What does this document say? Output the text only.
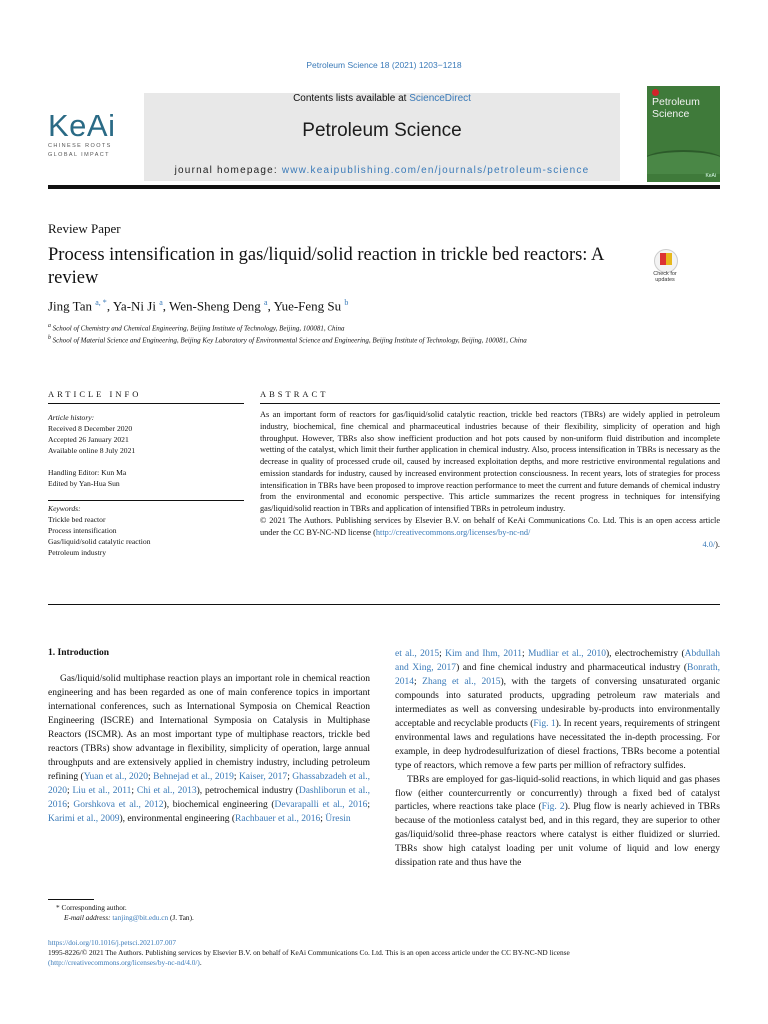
Petroleum Science 18 (2021) 1203−1218
KeAi
CHINESE ROOTS
GLOBAL IMPACT
Contents lists available at ScienceDirect
Petroleum Science
journal homepage: www.keaipublishing.com/en/journals/petroleum-science
Petroleum
Science
KeAi
Review Paper
Process intensification in gas/liquid/solid reaction in trickle bed reactors: A review	Check for
updates
Jing Tan $^{a, *}$, Ya-Ni Ji $^a$, Wen-Sheng Deng $^a$, Yue-Feng Su $^b$
$^a$ School of Chemistry and Chemical Engineering, Beijing Institute of Technology, Beijing, 100081, China
$^b$ School of Material Science and Engineering, Beijing Key Laboratory of Environmental Science and Engineering, Beijing Institute of Technology, Beijing, 100081, China
ARTICLE INFO	ABSTRACT
Article history:
Received 8 December 2020
Accepted 26 January 2021
Available online 8 July 2021
Handling Editor: Kun Ma
Edited by Yan-Hua Sun
Keywords:
Trickle bed reactor
Process intensification
Gas/liquid/solid catalytic reaction
Petroleum industry

As an important form of reactors for gas/liquid/solid catalytic reaction, trickle bed reactors (TBRs) are widely applied in petroleum industry, biochemical, fine chemical and pharmaceutical industries because of their flexibility, simplicity of operation and high throughput. However, TBRs also show inefficient production and hot pots caused by non-uniform fluid distribution and incomplete wetting of the catalyst, which limit their further application in chemical industry. Also, process intensification in TBRs is necessary as the decrease in quality of processed crude oil, caused by increased exploitation depths, and more restrictive environmental regulations and emission standards for industry, caused by increased environment protection consciousness. In recent years, lots of strategies for process intensification in TBRs have been proposed to improve reaction performance to meet the current and future demands of chemical industry from the environmental and economic perspective. This article summarizes the recent progress in techniques for intensifying gas/liquid/solid reaction in TBRs and application of intensified TBRs in petroleum industry.

© 2021 The Authors. Publishing services by Elsevier B.V. on behalf of KeAi Communications Co. Ltd. This is an open access article under the CC BY-NC-ND license (http://creativecommons.org/licenses/by-nc-nd/

4.0/).

1. Introduction

Gas/liquid/solid multiphase reaction plays an important role in chemical reaction engineering and has been regarded as one of main conference topics in important international conferences, such as International Symposia on Chemical Reaction Engineering (ISCRE) and International Symposia on Catalysis in Multiphase Reactors (ISCMR). As an most important type of multiphase reactors, trickle bed reactors (TBRs) show advantage in flexibility, simplicity of operation, large annual throughputs and are extensively applied in chemistry industry, including petroleum refining (Yuan et al., 2020; Behnejad et al., 2019; Kaiser, 2017; Ghassabzadeh et al., 2020; Liu et al., 2011; Chi et al., 2013), petrochemical industry (Dashliborun et al., 2016; Gorshkova et al., 2012), biochemical engineering (Devarapalli et al., 2016; Karimi et al., 2009), environmental engineering (Rachbauer et al., 2016; Üresin

et al., 2015; Kim and Ihm, 2011; Mudliar et al., 2010), electrochemistry (Abdullah and Xing, 2017) and fine chemical industry and pharmaceutical industry (Bonrath, 2014; Zhang et al., 2015), with the targets of conversing unsaturated organic compounds into saturated products, upgrading petroleum raw materials and intermediates as well as conversing undesirable by-products into environmentally acceptable and recyclable products (Fig. 1). In recent years, requirements of stringent environmental laws and regulations have necessitated the in-depth processing. For example, in deep hydrodesulfurization of diesel fractions, TBRs become a potential type of reactors, which remove a few parts per million of refractory sulfides.

TBRs are employed for gas-liquid-solid reactions, in which liquid and gas phases flow (either countercurrently or concurrently) through a fixed bed of catalyst particles, where reactions take place (Fig. 2). Plug flow is nearly achieved in TBRs because of the motionless catalyst bed, and in this regard, they are superior to other gas/liquid/solid three-phase reactors where catalyst is either fluidized or slurried. TBRs show high catalyst loading per unit volume of liquid and low energy dissipation rate and thus have the

* Corresponding author.
E-mail address: tanjing@bit.edu.cn (J. Tan).
https://doi.org/10.1016/j.petsci.2021.07.007
1995-8226/© 2021 The Authors. Publishing services by Elsevier B.V. on behalf of KeAi Communications Co. Ltd. This is an open access article under the CC BY-NC-ND license
(http://creativecommons.org/licenses/by-nc-nd/4.0/).
